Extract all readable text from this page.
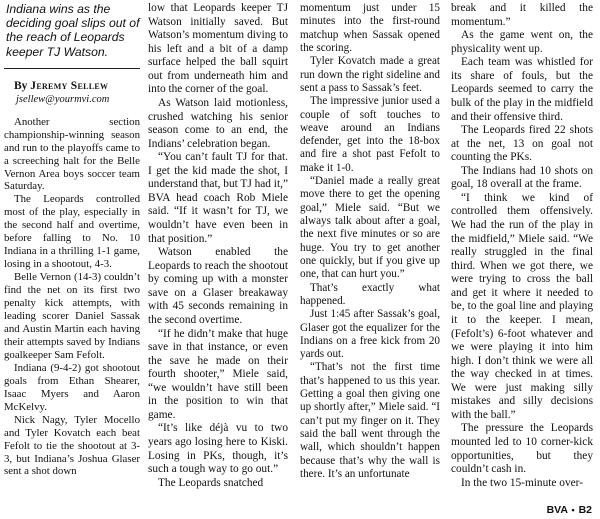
Indiana wins as the deciding goal slips out of the reach of Leopards keeper TJ Watson.
By Jeremy Sellew
jsellew@yourmvi.com

Another section championship-winning season and run to the playoffs came to a screeching halt for the Belle Vernon Area boys soccer team Saturday.

The Leopards controlled most of the play, especially in the second half and overtime, before falling to No. 10 Indiana in a thrilling 1-1 game, losing in a shootout, 4-3.

Belle Vernon (14-3) couldn’t find the net on its first two penalty kick attempts, with leading scorer Daniel Sassak and Austin Martin each having their attempts saved by Indians goalkeeper Sam Fefolt.

Indiana (9-4-2) got shootout goals from Ethan Shearer, Isaac Myers and Aaron McKelvy.

Nick Nagy, Tyler Mocello and Tyler Kovatch each beat Fefolt to tie the shootout at 3-3, but Indiana’s Joshua Glaser sent a shot down

low that Leopards keeper TJ Watson initially saved. But Watson’s momentum diving to his left and a bit of a damp surface helped the ball squirt out from underneath him and into the corner of the goal.

As Watson laid motionless, crushed watching his senior season come to an end, the Indians’ celebration began.

“You can’t fault TJ for that. I get the kid made the shot, I understand that, but TJ had it,” BVA head coach Rob Miele said. “If it wasn’t for TJ, we wouldn’t have even been in that position.”

Watson enabled the Leopards to reach the shootout by coming up with a monster save on a Glaser breakaway with 45 seconds remaining in the second overtime.

“If he didn’t make that huge save in that instance, or even the save he made on their fourth shooter,” Miele said, “we wouldn’t have still been in the position to win that game.

“It’s like déjà vu to two years ago losing here to Kiski. Losing in PKs, though, it’s such a tough way to go out.”

The Leopards snatched

momentum just under 15 minutes into the first-round matchup when Sassak opened the scoring.

Tyler Kovatch made a great run down the right sideline and sent a pass to Sassak’s feet.

The impressive junior used a couple of soft touches to weave around an Indians defender, get into the 18-box and fire a shot past Fefolt to make it 1-0.

“Daniel made a really great move there to get the opening goal,” Miele said. “But we always talk about after a goal, the next five minutes or so are huge. You try to get another one quickly, but if you give up one, that can hurt you.”

That’s exactly what happened.

Just 1:45 after Sassak’s goal, Glaser got the equalizer for the Indians on a free kick from 20 yards out.

“That’s not the first time that’s happened to us this year. Getting a goal then giving one up shortly after,” Miele said. “I can’t put my finger on it. They said the ball went through the wall, which shouldn’t happen because that’s why the wall is there. It’s an unfortunate

break and it killed the momentum.”

As the game went on, the physicality went up.

Each team was whistled for its share of fouls, but the Leopards seemed to carry the bulk of the play in the midfield and their offensive third.

The Leopards fired 22 shots at the net, 13 on goal not counting the PKs.

The Indians had 10 shots on goal, 18 overall at the frame.

“I think we kind of controlled them offensively. We had the run of the play in the midfield,” Miele said. “We really struggled in the final third. When we got there, we were trying to cross the ball and get it where it needed to be, to the goal line and playing it to the keeper. I mean, (Fefolt’s) 6-foot whatever and we were playing it into him high. I don’t think we were all the way checked in at times. We were just making silly mistakes and silly decisions with the ball.”

The pressure the Leopards mounted led to 10 corner-kick opportunities, but they couldn’t cash in.

In the two 15-minute over-

BVA • B2
